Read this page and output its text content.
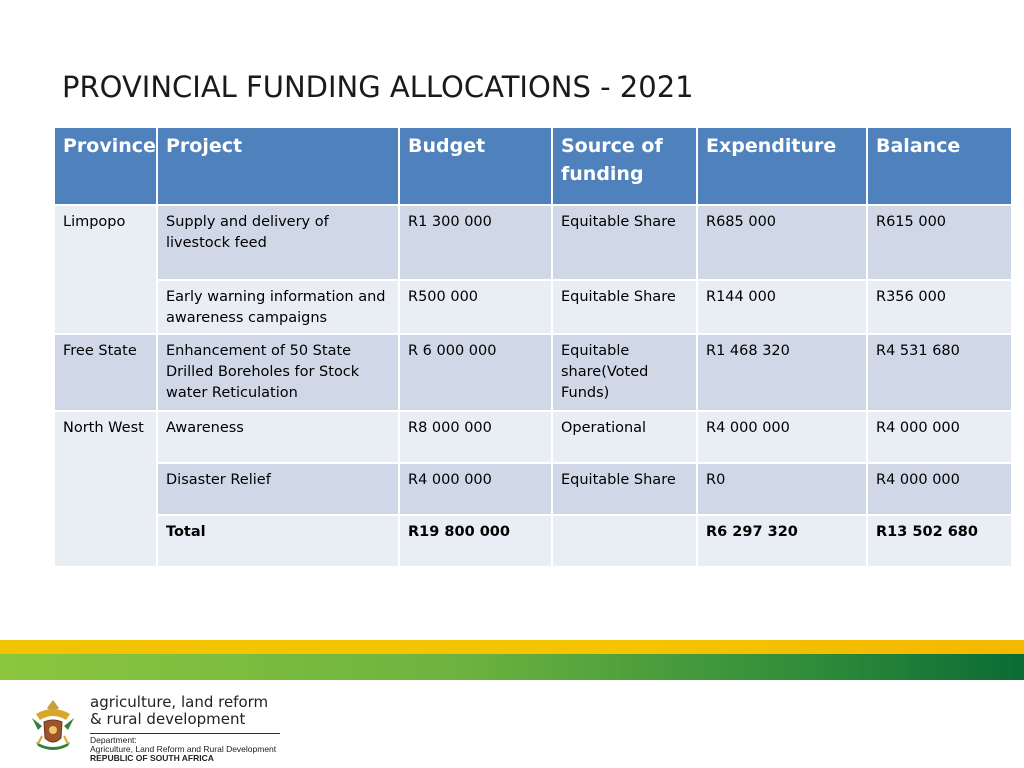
PROVINCIAL FUNDING ALLOCATIONS - 2021
Province	Project	Budget	Source of funding	Expenditure	Balance
Limpopo	Supply and delivery of livestock feed	R1 300 000	Equitable Share	R685 000	R615 000
	Early warning information and awareness campaigns	R500 000	Equitable Share	R144 000	R356 000
Free State	Enhancement of 50 State Drilled Boreholes for Stock water Reticulation	R 6 000 000	Equitable share(Voted Funds)	R1 468 320	R4 531 680
North West	Awareness	R8 000 000	Operational	R4 000 000	R4 000 000
	Disaster Relief	R4 000 000	Equitable Share	R0	R4 000 000
	Total	R19 800 000		R6 297 320	R13 502 680
agriculture, land reform
& rural development
Department:
Agriculture, Land Reform and Rural Development
REPUBLIC OF SOUTH AFRICA
